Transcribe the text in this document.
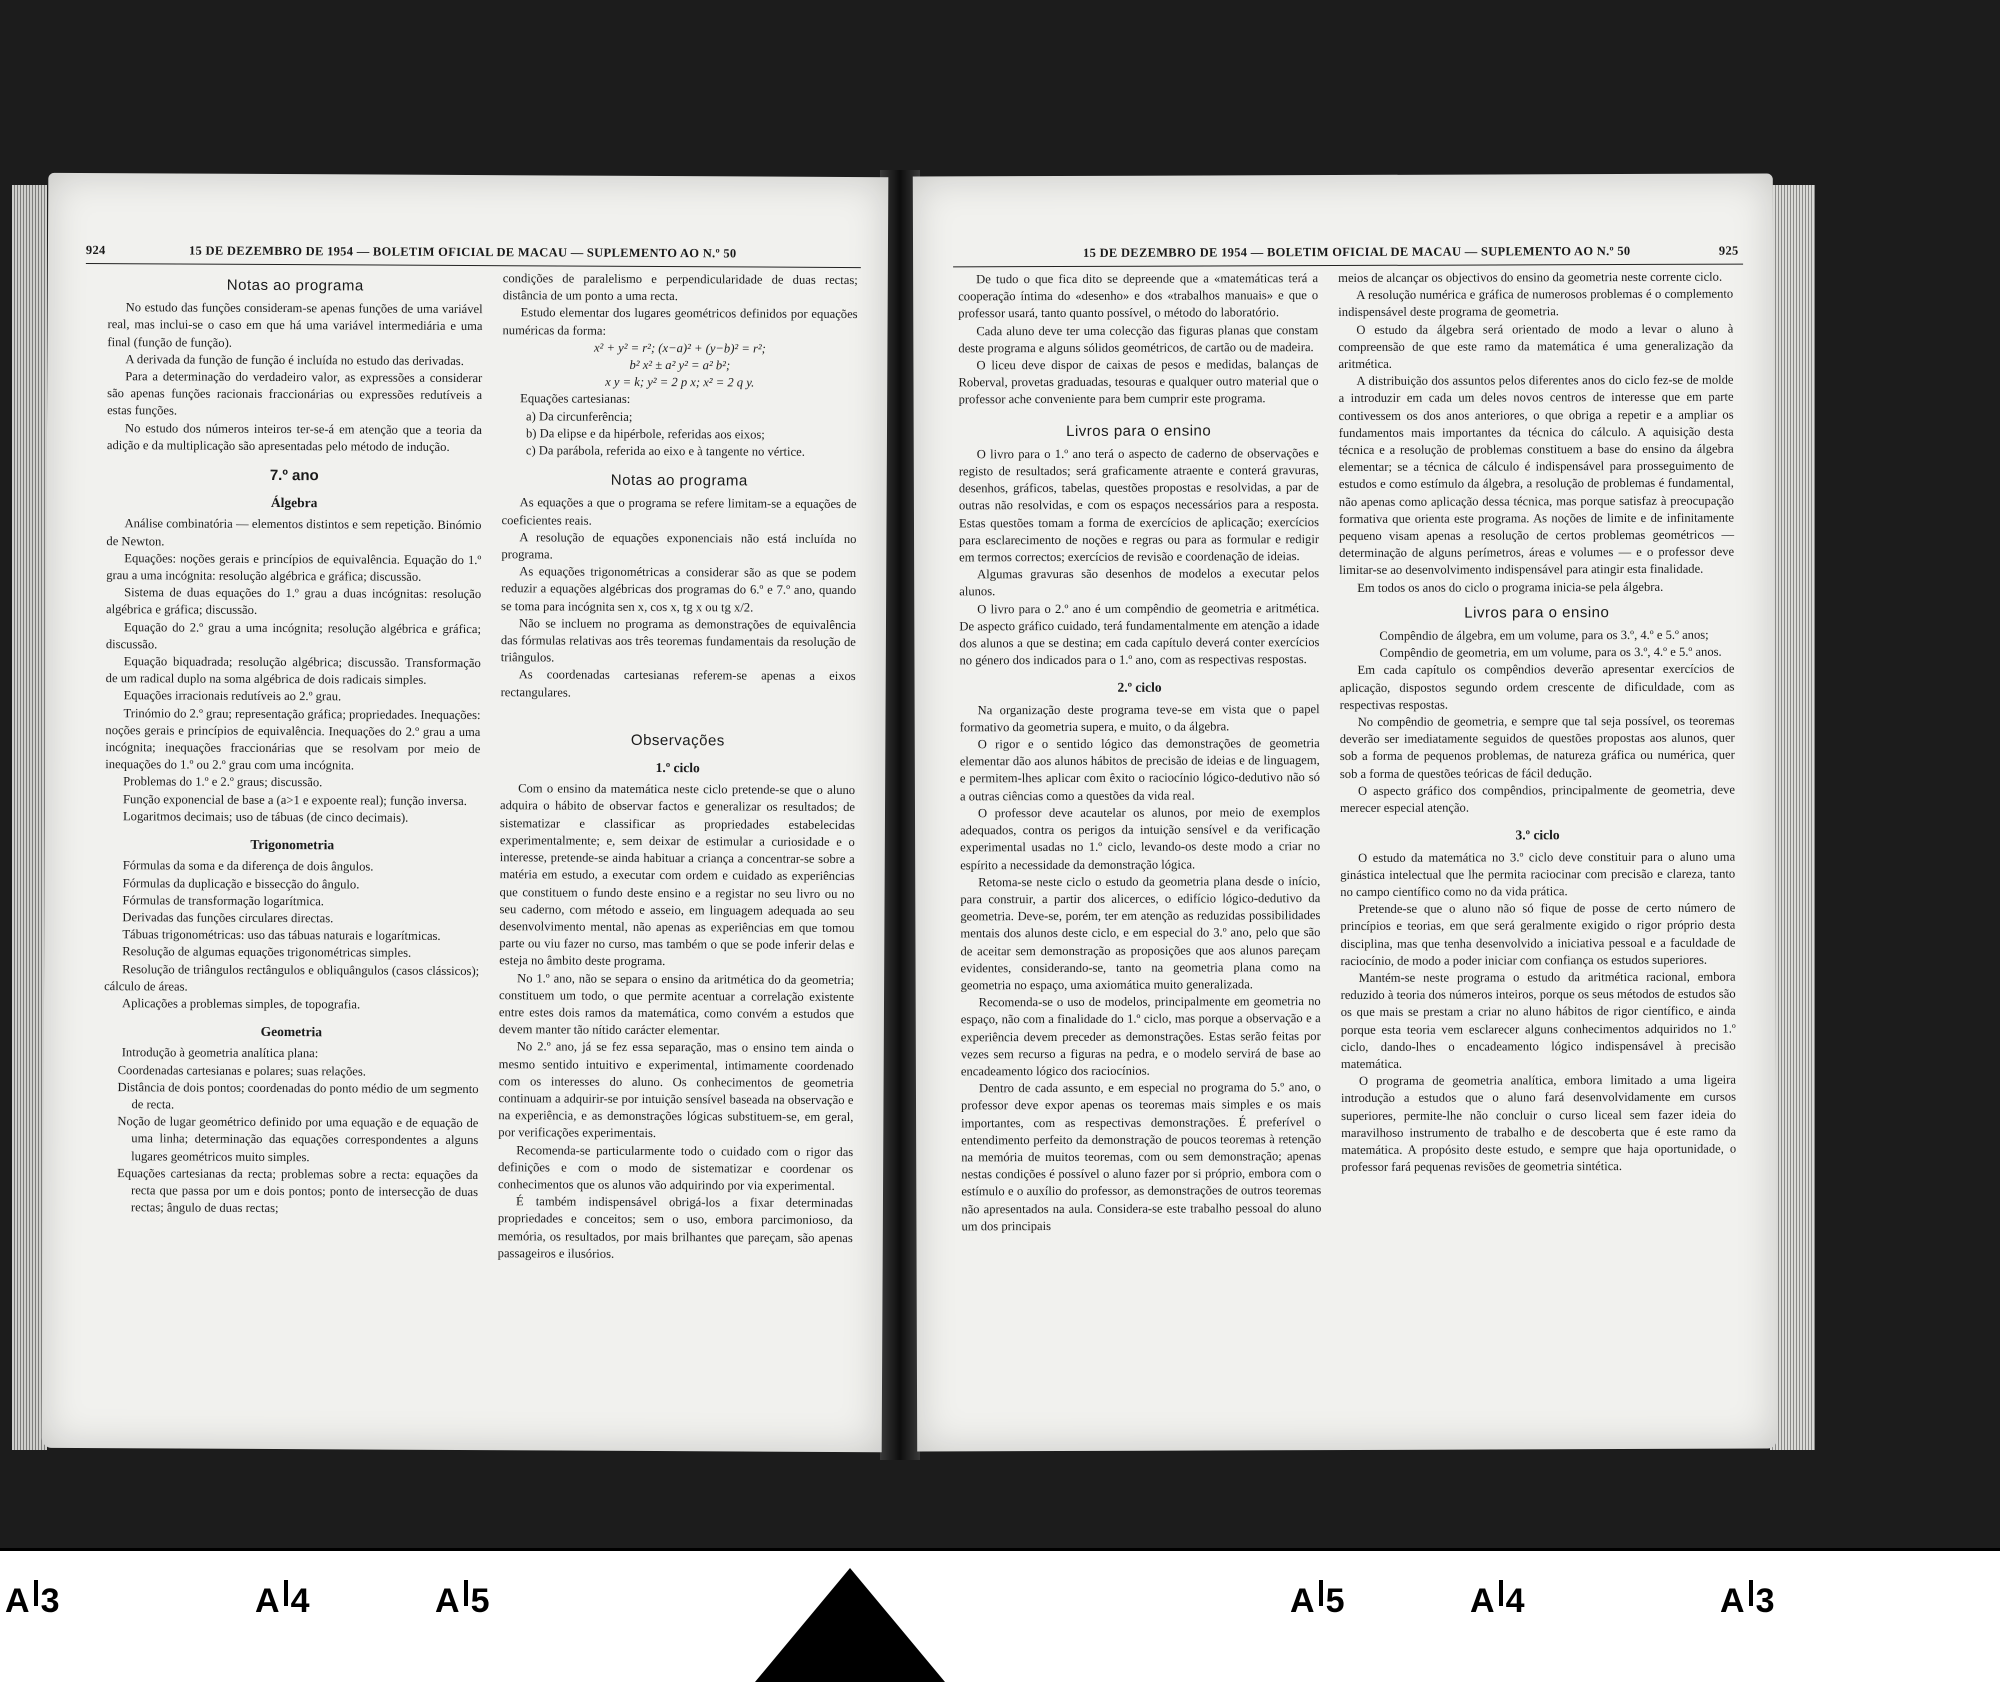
924	15 DE DEZEMBRO DE 1954 — BOLETIM OFICIAL DE MACAU — SUPLEMENTO AO N.º 50
Notas ao programa

No estudo das funções consideram-se apenas funções de uma variável real, mas inclui-se o caso em que há uma variável intermediária e uma final (função de função).

A derivada da função de função é incluída no estudo das derivadas.

Para a determinação do verdadeiro valor, as expressões a considerar são apenas funções racionais fraccionárias ou expressões redutíveis a estas funções.

No estudo dos números inteiros ter-se-á em atenção que a teoria da adição e da multiplicação são apresentadas pelo método de indução.

7.º ano
Álgebra

Análise combinatória — elementos distintos e sem repetição. Binómio de Newton.

Equações: noções gerais e princípios de equivalência. Equação do 1.º grau a uma incógnita: resolução algébrica e gráfica; discussão.

Sistema de duas equações do 1.º grau a duas incógnitas: resolução algébrica e gráfica; discussão.

Equação do 2.º grau a uma incógnita; resolução algébrica e gráfica; discussão.

Equação biquadrada; resolução algébrica; discussão. Transformação de um radical duplo na soma algébrica de dois radicais simples.

Equações irracionais redutíveis ao 2.º grau.

Trinómio do 2.º grau; representação gráfica; propriedades. Inequações: noções gerais e princípios de equivalência. Inequações do 2.º grau a uma incógnita; inequações fraccionárias que se resolvam por meio de inequações do 1.º ou 2.º grau com uma incógnita.

Problemas do 1.º e 2.º graus; discussão.

Função exponencial de base a (a>1 e expoente real); função inversa.

Logaritmos decimais; uso de tábuas (de cinco decimais).

Trigonometria

Fórmulas da soma e da diferença de dois ângulos.

Fórmulas da duplicação e bissecção do ângulo.

Fórmulas de transformação logarítmica.

Derivadas das funções circulares directas.

Tábuas trigonométricas: uso das tábuas naturais e logarítmicas.

Resolução de algumas equações trigonométricas simples.

Resolução de triângulos rectângulos e obliquângulos (casos clássicos); cálculo de áreas.

Aplicações a problemas simples, de topografia.

Geometria

Introdução à geometria analítica plana:

Coordenadas cartesianas e polares; suas relações.

Distância de dois pontos; coordenadas do ponto médio de um segmento de recta.

Noção de lugar geométrico definido por uma equação e de equação de uma linha; determinação das equações correspondentes a alguns lugares geométricos muito simples.

Equações cartesianas da recta; problemas sobre a recta: equações da recta que passa por um e dois pontos; ponto de intersecção de duas rectas; ângulo de duas rectas;

condições de paralelismo e perpendicularidade de duas rectas; distância de um ponto a uma recta.

Estudo elementar dos lugares geométricos definidos por equações numéricas da forma:

x² + y² = r²; (x−a)² + (y−b)² = r²;

b² x² ± a² y² = a² b²;

x y = k; y² = 2 p x; x² = 2 q y.

Equações cartesianas:

a) Da circunferência;

b) Da elipse e da hipérbole, referidas aos eixos;

c) Da parábola, referida ao eixo e à tangente no vértice.

Notas ao programa

As equações a que o programa se refere limitam-se a equações de coeficientes reais.

A resolução de equações exponenciais não está incluída no programa.

As equações trigonométricas a considerar são as que se podem reduzir a equações algébricas dos programas do 6.º e 7.º ano, quando se toma para incógnita sen x, cos x, tg x ou tg x/2.

Não se incluem no programa as demonstrações de equivalência das fórmulas relativas aos três teoremas fundamentais da resolução de triângulos.

As coordenadas cartesianas referem-se apenas a eixos rectangulares.

Observações
1.º ciclo

Com o ensino da matemática neste ciclo pretende-se que o aluno adquira o hábito de observar factos e generalizar os resultados; de sistematizar e classificar as propriedades estabelecidas experimentalmente; e, sem deixar de estimular a curiosidade e o interesse, pretende-se ainda habituar a criança a concentrar-se sobre a matéria em estudo, a executar com ordem e cuidado as experiências que constituem o fundo deste ensino e a registar no seu livro ou no seu caderno, com método e asseio, em linguagem adequada ao seu desenvolvimento mental, não apenas as experiências em que tomou parte ou viu fazer no curso, mas também o que se pode inferir delas e esteja no âmbito deste programa.

No 1.º ano, não se separa o ensino da aritmética do da geometria; constituem um todo, o que permite acentuar a correlação existente entre estes dois ramos da matemática, como convém a estudos que devem manter tão nítido carácter elementar.

No 2.º ano, já se fez essa separação, mas o ensino tem ainda o mesmo sentido intuitivo e experimental, intimamente coordenado com os interesses do aluno. Os conhecimentos de geometria continuam a adquirir-se por intuição sensível baseada na observação e na experiência, e as demonstrações lógicas substituem-se, em geral, por verificações experimentais.

Recomenda-se particularmente todo o cuidado com o rigor das definições e com o modo de sistematizar e coordenar os conhecimentos que os alunos vão adquirindo por via experimental.

É também indispensável obrigá-los a fixar determinadas propriedades e conceitos; sem o uso, embora parcimonioso, da memória, os resultados, por mais brilhantes que pareçam, são apenas passageiros e ilusórios.

15 DE DEZEMBRO DE 1954 — BOLETIM OFICIAL DE MACAU — SUPLEMENTO AO N.º 50	925

De tudo o que fica dito se depreende que a «matemáticas terá a cooperação íntima do «desenho» e dos «trabalhos manuais» e que o professor usará, tanto quanto possível, o método do laboratório.

Cada aluno deve ter uma colecção das figuras planas que constam deste programa e alguns sólidos geométricos, de cartão ou de madeira.

O liceu deve dispor de caixas de pesos e medidas, balanças de Roberval, provetas graduadas, tesouras e qualquer outro material que o professor ache conveniente para bem cumprir este programa.

Livros para o ensino

O livro para o 1.º ano terá o aspecto de caderno de observações e registo de resultados; será graficamente atraente e conterá gravuras, desenhos, gráficos, tabelas, questões propostas e resolvidas, a par de outras não resolvidas, e com os espaços necessários para a resposta. Estas questões tomam a forma de exercícios de aplicação; exercícios para esclarecimento de noções e regras ou para as formular e redigir em termos correctos; exercícios de revisão e coordenação de ideias.

Algumas gravuras são desenhos de modelos a executar pelos alunos.

O livro para o 2.º ano é um compêndio de geometria e aritmética. De aspecto gráfico cuidado, terá fundamentalmente em atenção a idade dos alunos a que se destina; em cada capítulo deverá conter exercícios no género dos indicados para o 1.º ano, com as respectivas respostas.

2.º ciclo

Na organização deste programa teve-se em vista que o papel formativo da geometria supera, e muito, o da álgebra.

O rigor e o sentido lógico das demonstrações de geometria elementar dão aos alunos hábitos de precisão de ideias e de linguagem, e permitem-lhes aplicar com êxito o raciocínio lógico-dedutivo não só a outras ciências como a questões da vida real.

O professor deve acautelar os alunos, por meio de exemplos adequados, contra os perigos da intuição sensível e da verificação experimental usadas no 1.º ciclo, levando-os deste modo a criar no espírito a necessidade da demonstração lógica.

Retoma-se neste ciclo o estudo da geometria plana desde o início, para construir, a partir dos alicerces, o edifício lógico-dedutivo da geometria. Deve-se, porém, ter em atenção as reduzidas possibilidades mentais dos alunos deste ciclo, e em especial do 3.º ano, pelo que são de aceitar sem demonstração as proposições que aos alunos pareçam evidentes, considerando-se, tanto na geometria plana como na geometria no espaço, uma axiomática muito generalizada.

Recomenda-se o uso de modelos, principalmente em geometria no espaço, não com a finalidade do 1.º ciclo, mas porque a observação e a experiência devem preceder as demonstrações. Estas serão feitas por vezes sem recurso a figuras na pedra, e o modelo servirá de base ao encadeamento lógico dos raciocínios.

Dentro de cada assunto, e em especial no programa do 5.º ano, o professor deve expor apenas os teoremas mais simples e os mais importantes, com as respectivas demonstrações. É preferível o entendimento perfeito da demonstração de poucos teoremas à retenção na memória de muitos teoremas, com ou sem demonstração; apenas nestas condições é possível o aluno fazer por si próprio, embora com o estímulo e o auxílio do professor, as demonstrações de outros teoremas não apresentados na aula. Considera-se este trabalho pessoal do aluno um dos principais

meios de alcançar os objectivos do ensino da geometria neste corrente ciclo.

A resolução numérica e gráfica de numerosos problemas é o complemento indispensável deste programa de geometria.

O estudo da álgebra será orientado de modo a levar o aluno à compreensão de que este ramo da matemática é uma generalização da aritmética.

A distribuição dos assuntos pelos diferentes anos do ciclo fez-se de molde a introduzir em cada um deles novos centros de interesse que em parte contivessem os dos anos anteriores, o que obriga a repetir e a ampliar os fundamentos mais importantes da técnica do cálculo. A aquisição desta técnica e a resolução de problemas constituem a base do ensino da álgebra elementar; se a técnica de cálculo é indispensável para prosseguimento de estudos e como estímulo da álgebra, a resolução de problemas é fundamental, não apenas como aplicação dessa técnica, mas porque satisfaz à preocupação formativa que orienta este programa. As noções de limite e de infinitamente pequeno visam apenas a resolução de certos problemas geométricos — determinação de alguns perímetros, áreas e volumes — e o professor deve limitar-se ao desenvolvimento indispensável para atingir esta finalidade.

Em todos os anos do ciclo o programa inicia-se pela álgebra.

Livros para o ensino

Compêndio de álgebra, em um volume, para os 3.º, 4.º e 5.º anos;

Compêndio de geometria, em um volume, para os 3.º, 4.º e 5.º anos.

Em cada capítulo os compêndios deverão apresentar exercícios de aplicação, dispostos segundo ordem crescente de dificuldade, com as respectivas respostas.

No compêndio de geometria, e sempre que tal seja possível, os teoremas deverão ser imediatamente seguidos de questões propostas aos alunos, quer sob a forma de pequenos problemas, de natureza gráfica ou numérica, quer sob a forma de questões teóricas de fácil dedução.

O aspecto gráfico dos compêndios, principalmente de geometria, deve merecer especial atenção.

3.º ciclo

O estudo da matemática no 3.º ciclo deve constituir para o aluno uma ginástica intelectual que lhe permita raciocinar com precisão e clareza, tanto no campo científico como no da vida prática.

Pretende-se que o aluno não só fique de posse de certo número de princípios e teorias, em que será geralmente exigido o rigor próprio desta disciplina, mas que tenha desenvolvido a iniciativa pessoal e a faculdade de raciocínio, de modo a poder iniciar com confiança os estudos superiores.

Mantém-se neste programa o estudo da aritmética racional, embora reduzido à teoria dos números inteiros, porque os seus métodos de estudos são os que mais se prestam a criar no aluno hábitos de rigor científico, e ainda porque esta teoria vem esclarecer alguns conhecimentos adquiridos no 1.º ciclo, dando-lhes o encadeamento lógico indispensável à precisão matemática.

O programa de geometria analítica, embora limitado a uma ligeira introdução a estudos que o aluno fará desenvolvidamente em cursos superiores, permite-lhe não concluir o curso liceal sem fazer ideia do maravilhoso instrumento de trabalho e de descoberta que é este ramo da matemática. A propósito deste estudo, e sempre que haja oportunidade, o professor fará pequenas revisões de geometria sintética.

A 3	A 4	A 5	A 5	A 4	A 3
